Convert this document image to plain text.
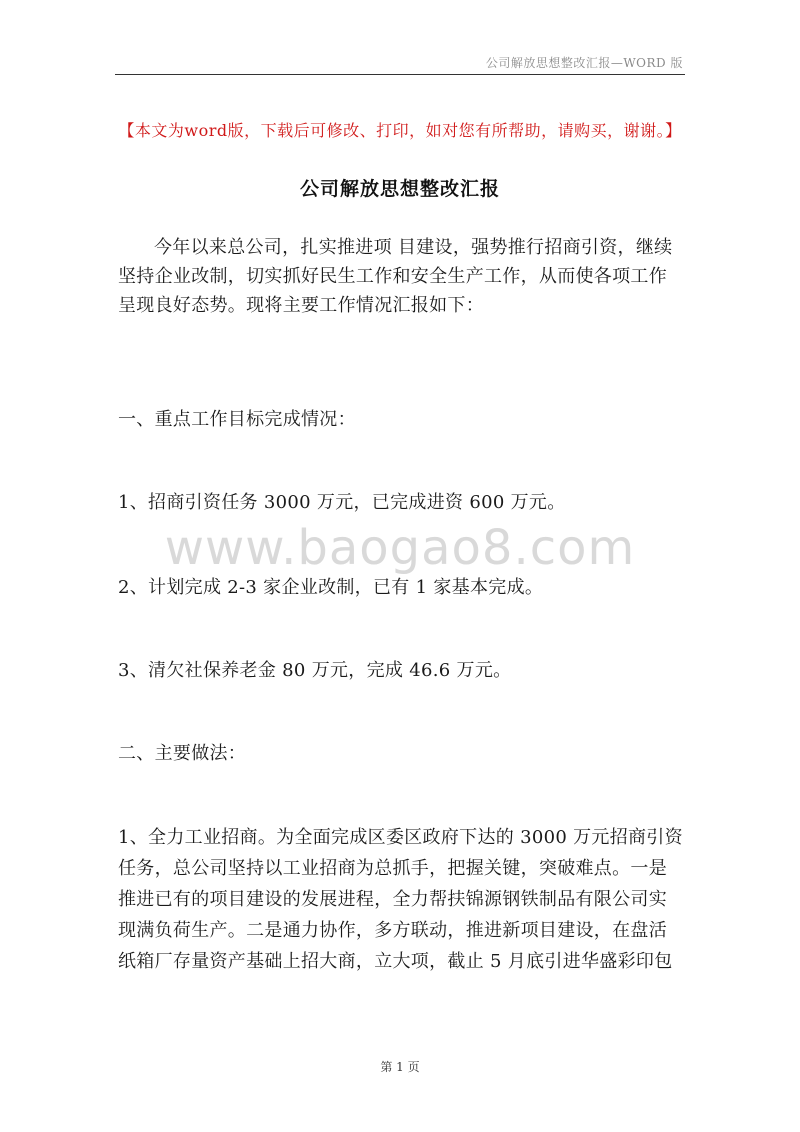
公司解放思想整改汇报—WORD 版
【本文为word版，下载后可修改、打印，如对您有所帮助，请购买，谢谢。】
公司解放思想整改汇报
今年以来总公司，扎实推进项 目建设，强势推行招商引资，继续坚持企业改制，切实抓好民生工作和安全生产工作，从而使各项工作呈现良好态势。现将主要工作情况汇报如下：
一、重点工作目标完成情况：
1、招商引资任务 3000 万元，已完成进资 600 万元。
www.baogao8.com
2、计划完成 2-3 家企业改制，已有 1 家基本完成。
3、清欠社保养老金 80 万元，完成 46.6 万元。
二、主要做法：
1、全力工业招商。为全面完成区委区政府下达的 3000 万元招商引资任务，总公司坚持以工业招商为总抓手，把握关键，突破难点。一是推进已有的项目建设的发展进程，全力帮扶锦源钢铁制品有限公司实现满负荷生产。二是通力协作，多方联动，推进新项目建设，在盘活纸箱厂存量资产基础上招大商，立大项，截止 5 月底引进华盛彩印包
第 1 页
